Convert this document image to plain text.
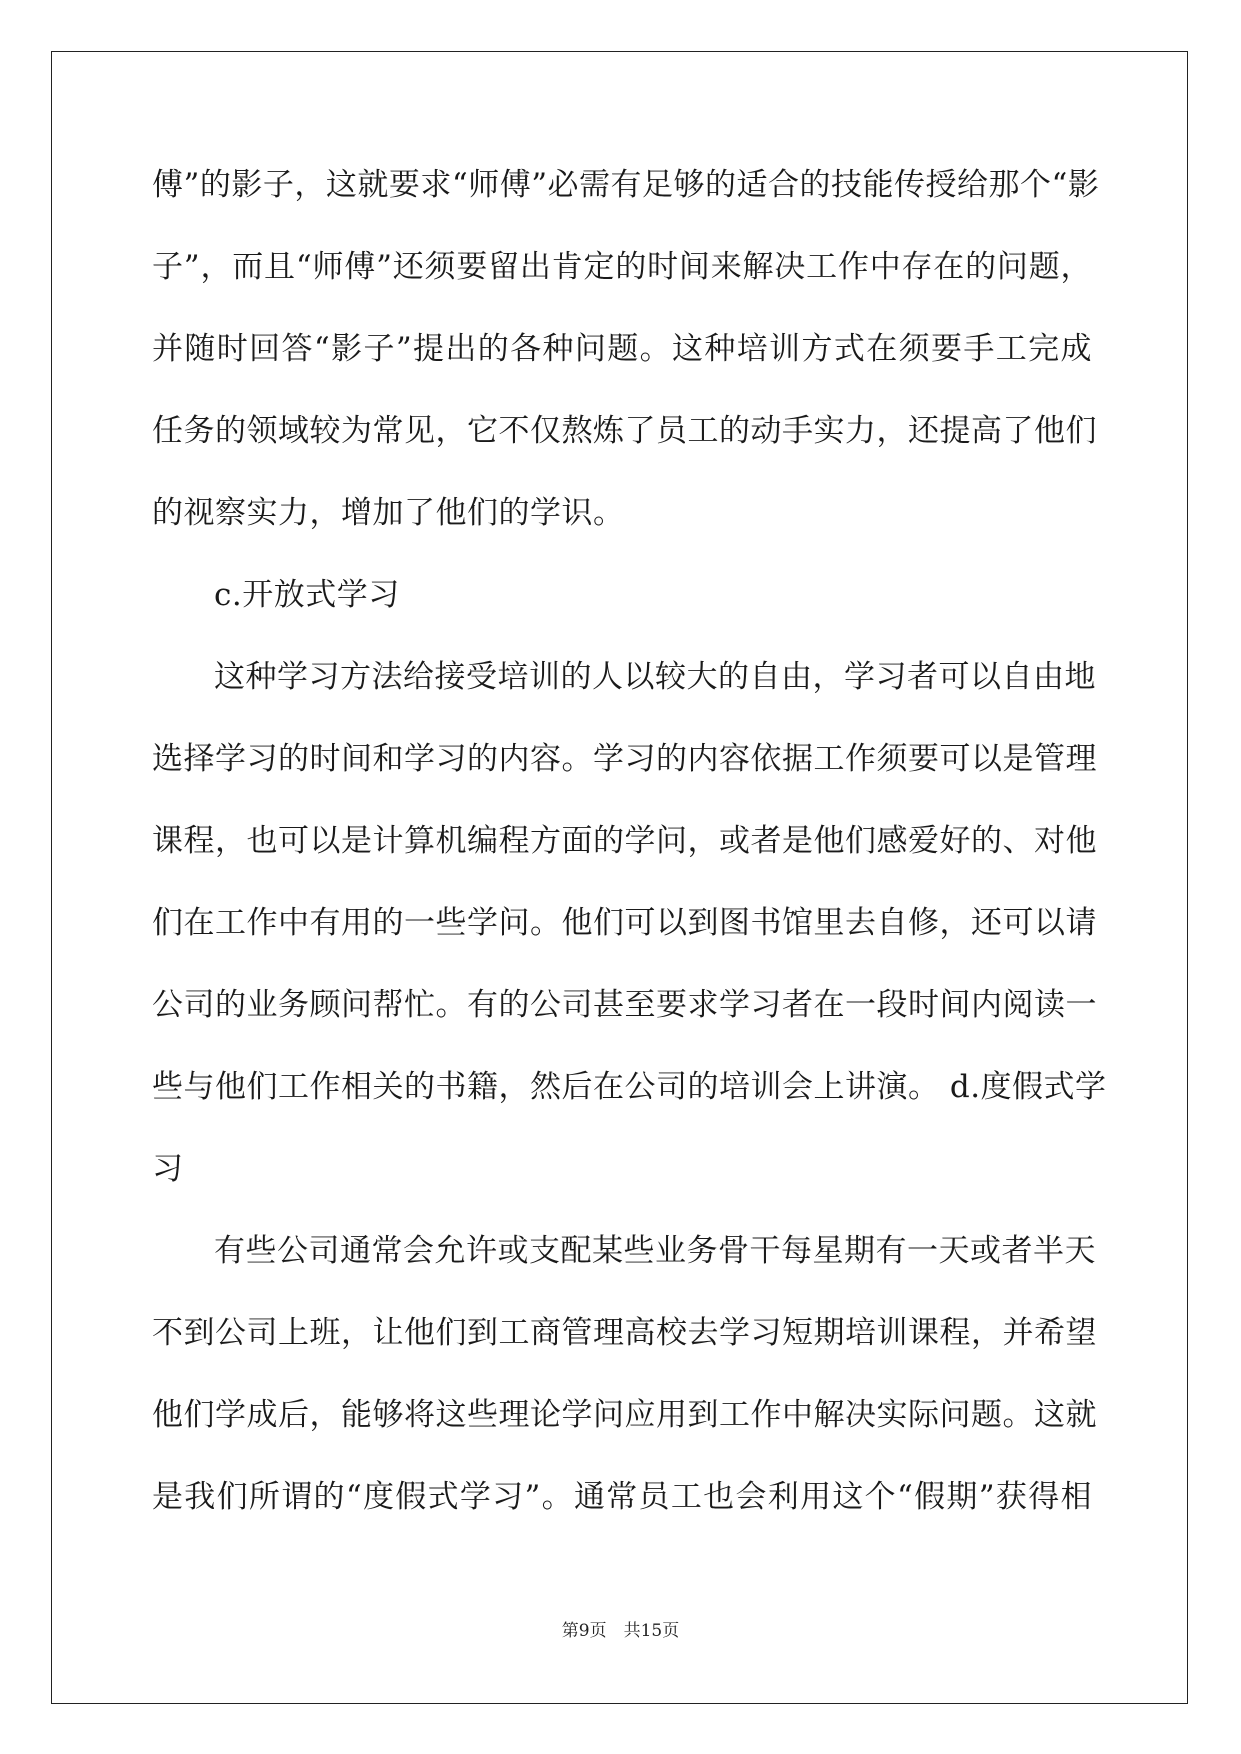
傅”的影子，这就要求“师傅”必需有足够的适合的技能传授给那个“影
子”，而且“师傅”还须要留出肯定的时间来解决工作中存在的问题，
并随时回答“影子”提出的各种问题。这种培训方式在须要手工完成
任务的领域较为常见，它不仅熬炼了员工的动手实力，还提高了他们
的视察实力，增加了他们的学识。
c.开放式学习
这种学习方法给接受培训的人以较大的自由，学习者可以自由地
选择学习的时间和学习的内容。学习的内容依据工作须要可以是管理
课程，也可以是计算机编程方面的学问，或者是他们感爱好的、对他
们在工作中有用的一些学问。他们可以到图书馆里去自修，还可以请
公司的业务顾问帮忙。有的公司甚至要求学习者在一段时间内阅读一
些与他们工作相关的书籍，然后在公司的培训会上讲演。 d.度假式学
习
有些公司通常会允许或支配某些业务骨干每星期有一天或者半天
不到公司上班，让他们到工商管理高校去学习短期培训课程，并希望
他们学成后，能够将这些理论学问应用到工作中解决实际问题。这就
是我们所谓的“度假式学习”。通常员工也会利用这个“假期”获得相
第9页　共15页
